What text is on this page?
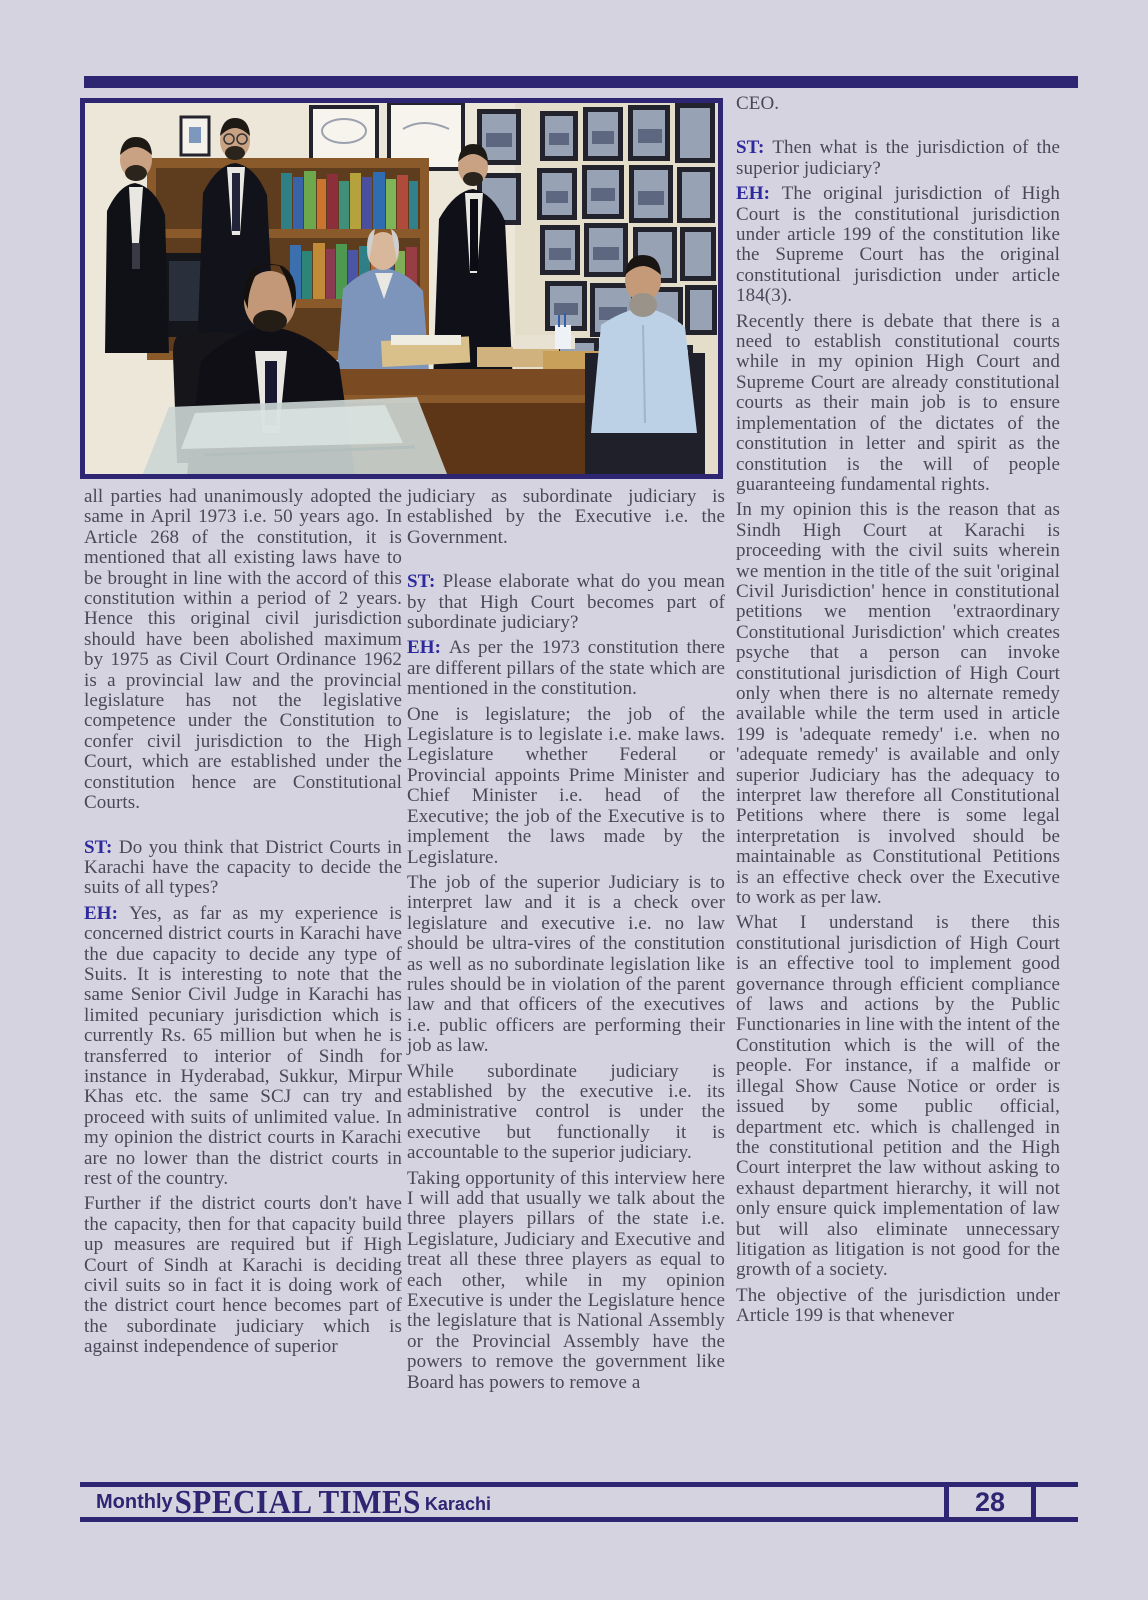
all parties had unanimously adopted the same in April 1973 i.e. 50 years ago. In Article 268 of the constitution, it is mentioned that all existing laws have to be brought in line with the accord of this constitution within a period of 2 years. Hence this original civil jurisdiction should have been abolished maximum by 1975 as Civil Court Ordinance 1962 is a provincial law and the provincial legislature has not the legislative competence under the Constitution to confer civil jurisdiction to the High Court, which are established under the constitution hence are Constitutional Courts.

ST: Do you think that District Courts in Karachi have the capacity to decide the suits of all types?

EH: Yes, as far as my experience is concerned district courts in Karachi have the due capacity to decide any type of Suits. It is interesting to note that the same Senior Civil Judge in Karachi has limited pecuniary jurisdiction which is currently Rs. 65 million but when he is transferred to interior of Sindh for instance in Hyderabad, Sukkur, Mirpur Khas etc. the same SCJ can try and proceed with suits of unlimited value. In my opinion the district courts in Karachi are no lower than the district courts in rest of the country.

Further if the district courts don't have the capacity, then for that capacity build up measures are required but if High Court of Sindh at Karachi is deciding civil suits so in fact it is doing work of the district court hence becomes part of the subordinate judiciary which is against independence of superior

judiciary as subordinate judiciary is established by the Executive i.e. the Government.

ST: Please elaborate what do you mean by that High Court becomes part of subordinate judiciary?

EH: As per the 1973 constitution there are different pillars of the state which are mentioned in the constitution.

One is legislature; the job of the Legislature is to legislate i.e. make laws. Legislature whether Federal or Provincial appoints Prime Minister and Chief Minister i.e. head of the Executive; the job of the Executive is to implement the laws made by the Legislature.

The job of the superior Judiciary is to interpret law and it is a check over legislature and executive i.e. no law should be ultra-vires of the constitution as well as no subordinate legislation like rules should be in violation of the parent law and that officers of the executives i.e. public officers are performing their job as law.

While subordinate judiciary is established by the executive i.e. its administrative control is under the executive but functionally it is accountable to the superior judiciary.

Taking opportunity of this interview here I will add that usually we talk about the three players pillars of the state i.e. Legislature, Judiciary and Executive and treat all these three players as equal to each other, while in my opinion Executive is under the Legislature hence the legislature that is National Assembly or the Provincial Assembly have the powers to remove the government like Board has powers to remove a

CEO.

ST: Then what is the jurisdiction of the superior judiciary?

EH: The original jurisdiction of High Court is the constitutional jurisdiction under article 199 of the constitution like the Supreme Court has the original constitutional jurisdiction under article 184(3).

Recently there is debate that there is a need to establish constitutional courts while in my opinion High Court and Supreme Court are already constitutional courts as their main job is to ensure implementation of the dictates of the constitution in letter and spirit as the constitution is the will of people guaranteeing fundamental rights.

In my opinion this is the reason that as Sindh High Court at Karachi is proceeding with the civil suits wherein we mention in the title of the suit 'original Civil Jurisdiction' hence in constitutional petitions we mention 'extraordinary Constitutional Jurisdiction' which creates psyche that a person can invoke constitutional jurisdiction of High Court only when there is no alternate remedy available while the term used in article 199 is 'adequate remedy' i.e. when no 'adequate remedy' is available and only superior Judiciary has the adequacy to interpret law therefore all Constitutional Petitions where there is some legal interpretation is involved should be maintainable as Constitutional Petitions is an effective check over the Executive to work as per law.

What I understand is there this constitutional jurisdiction of High Court is an effective tool to implement good governance through efficient compliance of laws and actions by the Public Functionaries in line with the intent of the Constitution which is the will of the people. For instance, if a malfide or illegal Show Cause Notice or order is issued by some public official, department etc. which is challenged in the constitutional petition and the High Court interpret the law without asking to exhaust department hierarchy, it will not only ensure quick implementation of law but will also eliminate unnecessary litigation as litigation is not good for the growth of a society.

The objective of the jurisdiction under Article 199 is that whenever

Monthly SPECIAL TIMES Karachi	28
